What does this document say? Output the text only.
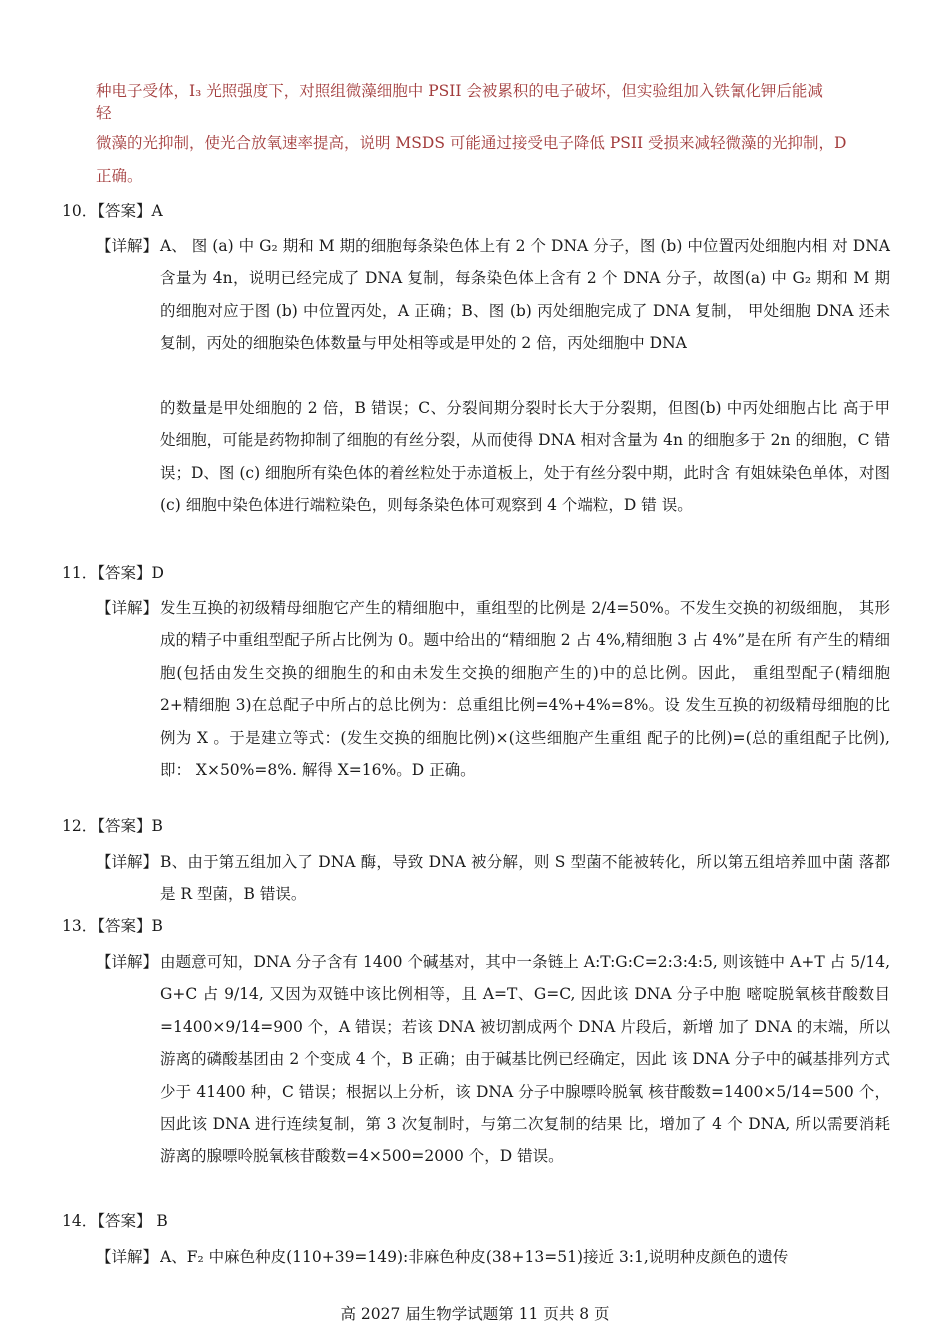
种电子受体，I₃ 光照强度下，对照组微藻细胞中 PSII 会被累积的电子破坏，但实验组加入铁氰化钾后能减
轻
微藻的光抑制，使光合放氧速率提高，说明 MSDS 可能通过接受电子降低 PSII 受损来减轻微藻的光抑制，D
正确。
10．【答案】A
【详解】 A、 图 (a) 中 G₂ 期和 M 期的细胞每条染色体上有 2 个 DNA 分子，图 (b) 中位置丙处细胞内相 对 DNA 含量为 4n，说明已经完成了 DNA 复制，每条染色体上含有 2 个 DNA 分子，故图(a) 中 G₂ 期和 M 期的细胞对应于图 (b) 中位置丙处，A 正确；B、图 (b) 丙处细胞完成了 DNA 复制， 甲处细胞 DNA 还未复制，丙处的细胞染色体数量与甲处相等或是甲处的 2 倍，丙处细胞中 DNA
的数量是甲处细胞的 2 倍，B 错误；C、分裂间期分裂时长大于分裂期，但图(b) 中丙处细胞占比 高于甲处细胞，可能是药物抑制了细胞的有丝分裂，从而使得 DNA 相对含量为 4n 的细胞多于 2n 的细胞，C 错误；D、图 (c) 细胞所有染色体的着丝粒处于赤道板上，处于有丝分裂中期，此时含 有姐妹染色单体，对图(c) 细胞中染色体进行端粒染色，则每条染色体可观察到 4 个端粒，D 错 误。
11．【答案】D
【详解】 发生互换的初级精母细胞它产生的精细胞中，重组型的比例是 2/4=50%。不发生交换的初级细胞， 其形成的精子中重组型配子所占比例为 0。题中给出的“精细胞 2 占 4%,精细胞 3 占 4%”是在所 有产生的精细胞(包括由发生交换的细胞生的和由未发生交换的细胞产生的)中的总比例。因此， 重组型配子(精细胞 2+精细胞 3)在总配子中所占的总比例为：总重组比例=4%+4%=8%。设 发生互换的初级精母细胞的比例为 X 。于是建立等式：(发生交换的细胞比例)×(这些细胞产生重组 配子的比例)=(总的重组配子比例),即： X×50%=8%. 解得 X=16%。D 正确。
12．【答案】B
【详解】 B、由于第五组加入了 DNA 酶，导致 DNA 被分解，则 S 型菌不能被转化，所以第五组培养皿中菌 落都是 R 型菌，B 错误。
13．【答案】B
【详解】 由题意可知，DNA 分子含有 1400 个碱基对，其中一条链上 A:T:G:C=2:3:4:5, 则该链中 A+T 占 5/14, G+C 占 9/14, 又因为双链中该比例相等，且 A=T、G=C, 因此该 DNA 分子中胞 嘧啶脱氧核苷酸数目=1400×9/14=900 个，A 错误；若该 DNA 被切割成两个 DNA 片段后，新增 加了 DNA 的末端，所以游离的磷酸基团由 2 个变成 4 个，B 正确；由于碱基比例已经确定，因此 该 DNA 分子中的碱基排列方式少于 41400 种，C 错误；根据以上分析，该 DNA 分子中腺嘌呤脱氧 核苷酸数=1400×5/14=500 个，因此该 DNA 进行连续复制，第 3 次复制时，与第二次复制的结果 比，增加了 4 个 DNA, 所以需要消耗游离的腺嘌呤脱氧核苷酸数=4×500=2000 个，D 错误。
14．【答案】 B
【详解】 A、F₂ 中麻色种皮(110+39=149):非麻色种皮(38+13=51)接近 3:1,说明种皮颜色的遗传
高 2027 届生物学试题第 11 页共 8 页
